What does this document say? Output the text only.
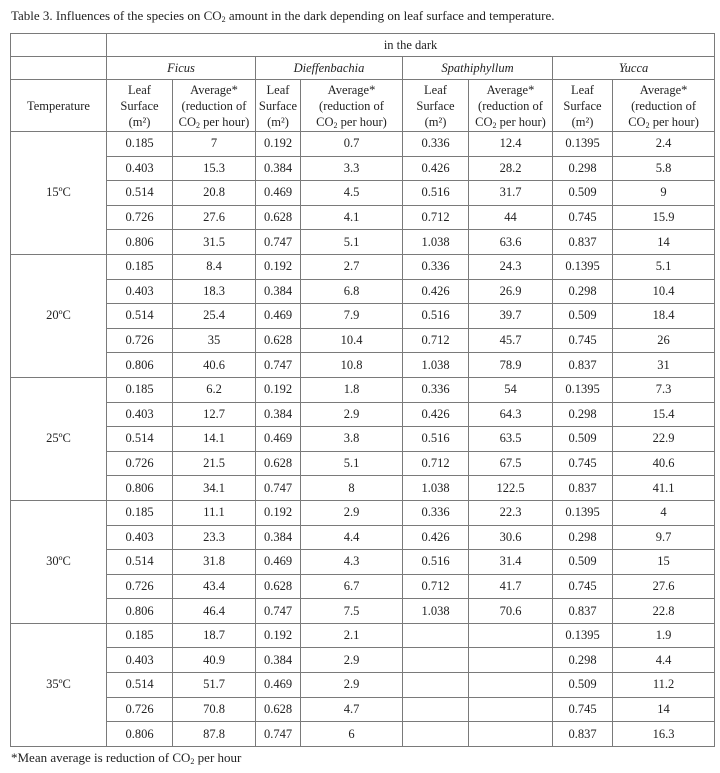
Table 3. Influences of the species on $CO_2$ amount in the dark depending on leaf surface and temperature.
	in the dark							
	Ficus		Dieffenbachia		Spathiphyllum		Yucca	
Temperature	Leaf
Surface
(m²)	Average*
(reduction of
$CO_2$ per hour)	Leaf
Surface
(m²)	Average*
(reduction of
$CO_2$ per hour)	Leaf
Surface
(m²)	Average*
(reduction of
$CO_2$ per hour)	Leaf
Surface
(m²)	Average*
(reduction of
$CO_2$ per hour)
15ºC	0.185	7	0.192	0.7	0.336	12.4	0.1395	2.4
	0.403	15.3	0.384	3.3	0.426	28.2	0.298	5.8
	0.514	20.8	0.469	4.5	0.516	31.7	0.509	9
	0.726	27.6	0.628	4.1	0.712	44	0.745	15.9
	0.806	31.5	0.747	5.1	1.038	63.6	0.837	14
20ºC	0.185	8.4	0.192	2.7	0.336	24.3	0.1395	5.1
	0.403	18.3	0.384	6.8	0.426	26.9	0.298	10.4
	0.514	25.4	0.469	7.9	0.516	39.7	0.509	18.4
	0.726	35	0.628	10.4	0.712	45.7	0.745	26
	0.806	40.6	0.747	10.8	1.038	78.9	0.837	31
25ºC	0.185	6.2	0.192	1.8	0.336	54	0.1395	7.3
	0.403	12.7	0.384	2.9	0.426	64.3	0.298	15.4
	0.514	14.1	0.469	3.8	0.516	63.5	0.509	22.9
	0.726	21.5	0.628	5.1	0.712	67.5	0.745	40.6
	0.806	34.1	0.747	8	1.038	122.5	0.837	41.1
30ºC	0.185	11.1	0.192	2.9	0.336	22.3	0.1395	4
	0.403	23.3	0.384	4.4	0.426	30.6	0.298	9.7
	0.514	31.8	0.469	4.3	0.516	31.4	0.509	15
	0.726	43.4	0.628	6.7	0.712	41.7	0.745	27.6
	0.806	46.4	0.747	7.5	1.038	70.6	0.837	22.8
35ºC	0.185	18.7	0.192	2.1			0.1395	1.9
	0.403	40.9	0.384	2.9			0.298	4.4
	0.514	51.7	0.469	2.9			0.509	11.2
	0.726	70.8	0.628	4.7			0.745	14
	0.806	87.8	0.747	6			0.837	16.3
*Mean average is reduction of $CO_2$ per hour
